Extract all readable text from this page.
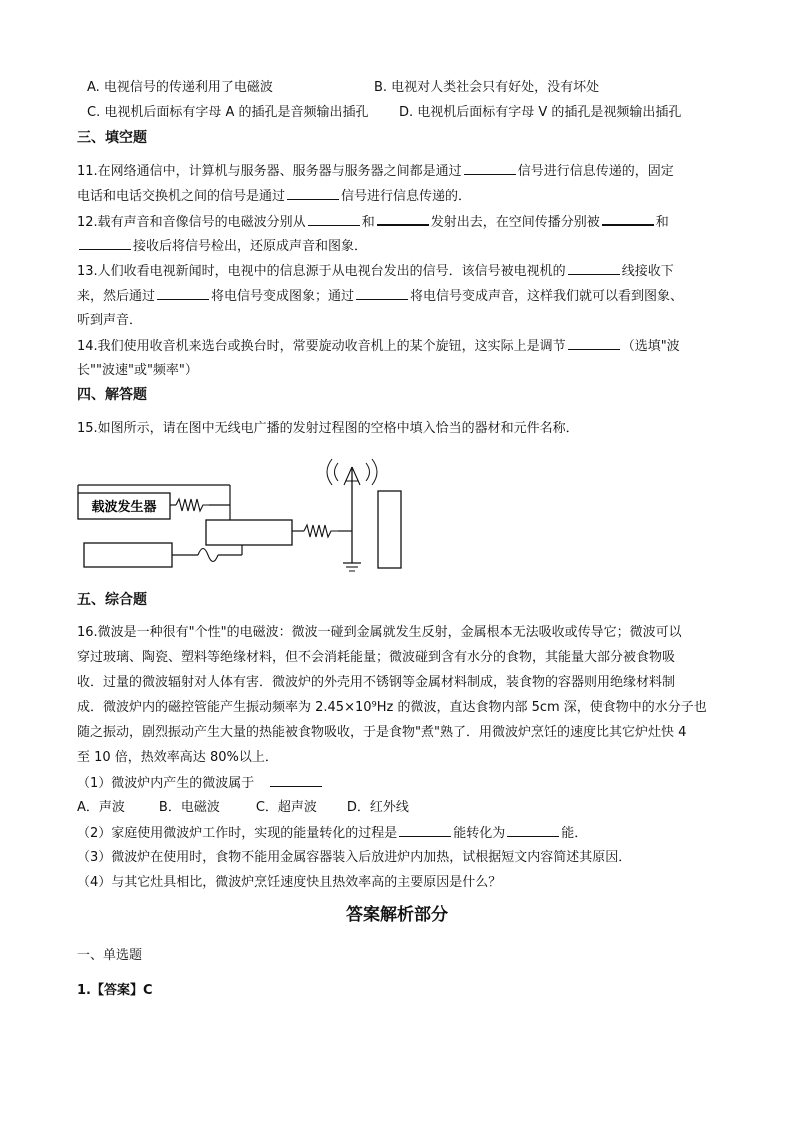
A. 电视信号的传递利用了电磁波	B. 电视对人类社会只有好处，没有坏处
C. 电视机后面标有字母 A 的插孔是音频输出插孔 D. 电视机后面标有字母 V 的插孔是视频输出插孔
三、填空题
11.在网络通信中，计算机与服务器、服务器与服务器之间都是通过	信号进行信息传递的，固定
电话和电话交换机之间的信号是通过	信号进行信息传递的．
12.载有声音和音像信号的电磁波分别从	和	发射出去，在空间传播分别被	和
接收后将信号检出，还原成声音和图象．
13.人们收看电视新闻时，电视中的信息源于从电视台发出的信号．该信号被电视机的	线接收下
来，然后通过	将电信号变成图象；通过	将电信号变成声音，这样我们就可以看到图象、
听到声音．
14.我们使用收音机来选台或换台时，常要旋动收音机上的某个旋钮，这实际上是调节	（选填"波
长""波速"或"频率"）
四、解答题
15.如图所示，请在图中无线电广播的发射过程图的空格中填入恰当的器材和元件名称．
载波发生器
五、综合题
16.微波是一种很有"个性"的电磁波：微波一碰到金属就发生反射，金属根本无法吸收或传导它；微波可以
穿过玻璃、陶瓷、塑料等绝缘材料，但不会消耗能量；微波碰到含有水分的食物，其能量大部分被食物吸
收．过量的微波辐射对人体有害．微波炉的外壳用不锈钢等金属材料制成，装食物的容器则用绝缘材料制
成．微波炉内的磁控管能产生振动频率为 2.45×10⁹Hz 的微波，直达食物内部 5cm 深，使食物中的水分子也
随之振动，剧烈振动产生大量的热能被食物吸收，于是食物"煮"熟了．用微波炉烹饪的速度比其它炉灶快 4
至 10 倍，热效率高达 80%以上．
（1）微波炉内产生的微波属于
A．声波	B．电磁波	C．超声波 D．红外线
（2）家庭使用微波炉工作时，实现的能量转化的过程是	能转化为	能．
（3）微波炉在使用时，食物不能用金属容器装入后放进炉内加热，试根据短文内容简述其原因．
（4）与其它灶具相比，微波炉烹饪速度快且热效率高的主要原因是什么？
答案解析部分
一、单选题
1.【答案】C
